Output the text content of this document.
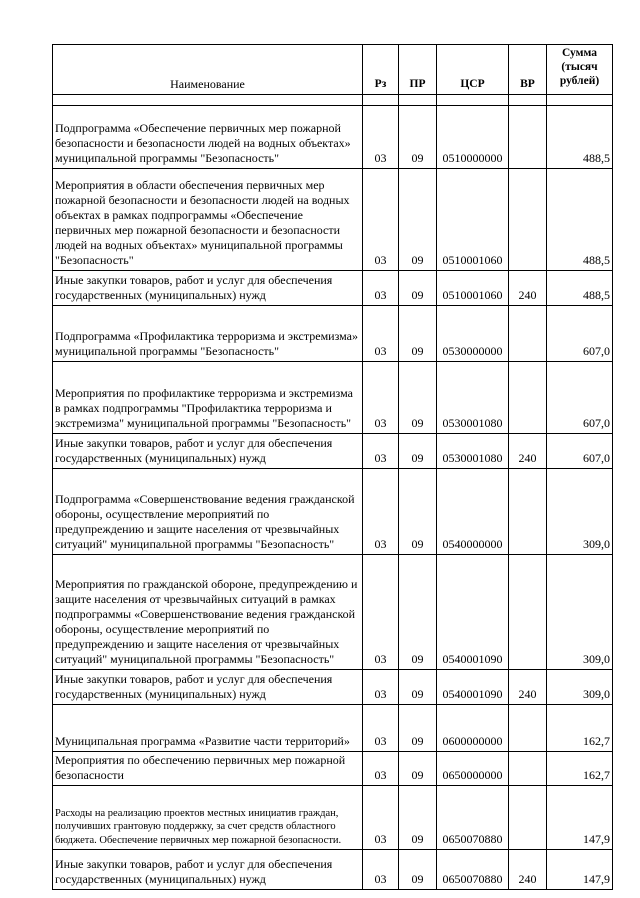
Наименование	Рз	ПР	ЦСР	ВР	Сумма (тысяч рублей)

Подпрограмма «Обеспечение первичных мер пожарной безопасности и безопасности людей на водных объектах» муниципальной программы "Безопасность"	03	09	0510000000		488,5
Мероприятия в области обеспечения первичных мер пожарной безопасности и безопасности людей на водных объектах в рамках подпрограммы «Обеспечение первичных мер пожарной безопасности и безопасности людей на водных объектах» муниципальной программы "Безопасность"	03	09	0510001060		488,5
Иные закупки товаров, работ и услуг для обеспечения государственных (муниципальных) нужд	03	09	0510001060	240	488,5
Подпрограмма «Профилактика терроризма и экстремизма» муниципальной программы "Безопасность"	03	09	0530000000		607,0
Мероприятия по профилактике терроризма и экстремизма в рамках подпрограммы "Профилактика терроризма и экстремизма" муниципальной программы "Безопасность"	03	09	0530001080		607,0
Иные закупки товаров, работ и услуг для обеспечения государственных (муниципальных) нужд	03	09	0530001080	240	607,0
Подпрограмма «Совершенствование ведения гражданской обороны, осуществление мероприятий по предупреждению и защите населения от чрезвычайных ситуаций" муниципальной программы "Безопасность"	03	09	0540000000		309,0
Мероприятия по гражданской обороне, предупреждению и защите населения от чрезвычайных ситуаций в рамках подпрограммы «Совершенствование ведения гражданской обороны, осуществление мероприятий по предупреждению и защите населения от чрезвычайных ситуаций" муниципальной программы "Безопасность"	03	09	0540001090		309,0
Иные закупки товаров, работ и услуг для обеспечения государственных (муниципальных) нужд	03	09	0540001090	240	309,0
Муниципальная программа «Развитие части территорий»	03	09	0600000000		162,7
Мероприятия по обеспечению первичных мер пожарной безопасности	03	09	0650000000		162,7
Расходы на реализацию проектов местных инициатив граждан, получивших грантовую поддержку, за счет средств областного бюджета. Обеспечение первичных мер пожарной безопасности.	03	09	0650070880		147,9
Иные закупки товаров, работ и услуг для обеспечения государственных (муниципальных) нужд	03	09	0650070880	240	147,9
